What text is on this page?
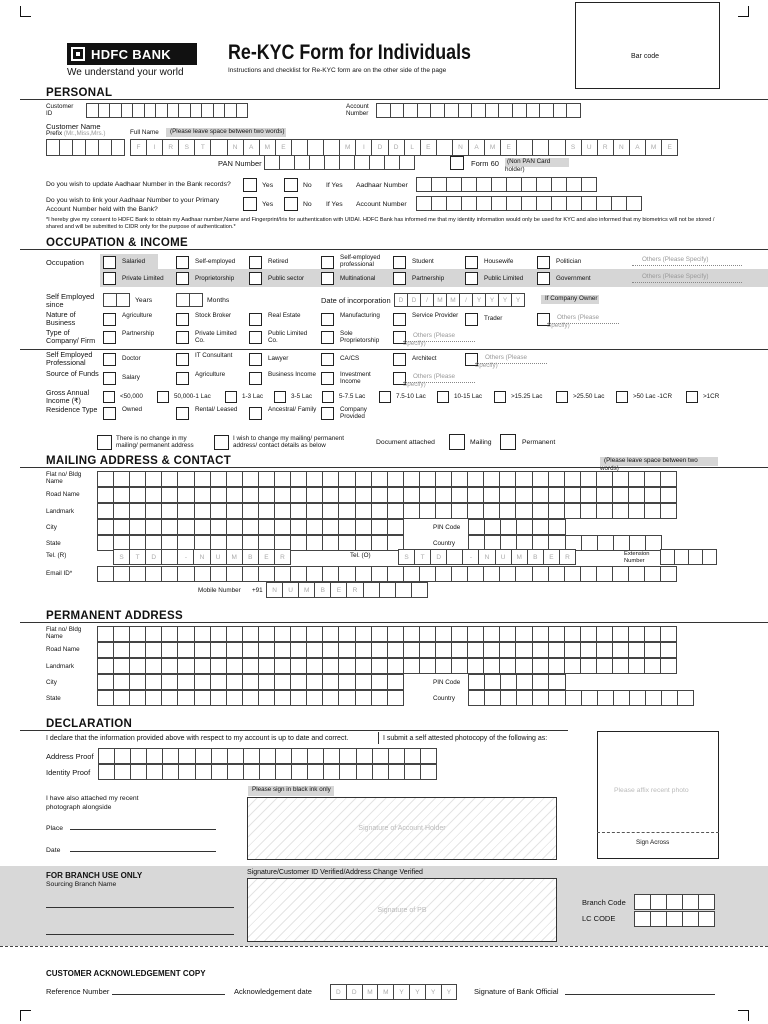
HDFC BANK
We understand your world
Re-KYC Form for Individuals
Instructions and checklist for Re-KYC form are on the other side of the page
Bar code
PERSONAL
Customer ID
Account Number
Customer Name
Prefix (Mr.,Miss,Mrs.)	Full Name	(Please leave space between two words)
F	I	R	S	T	N	A	M	E	M	I	D	D	L	E	N	A	M	E	S	U	R	N	A	M	E
PAN Number	Form 60	(Non PAN Card holder)
Do you wish to update Aadhaar Number in the Bank records?	Yes	No If Yes Aadhaar Number
Do you wish to link your Aadhaar Number to your Primary Account Number held with the Bank?
Yes	No If Yes Account Number
*I hereby give my consent to HDFC Bank to obtain my Aadhaar number,Name and Fingerprint/Iris for authentication with UIDAI. HDFC Bank has informed me that my identity information would only be used for KYC and also informed that my biometrics will not be stored / shared and will be submitted to CIDR only for the purpose of authentication.*
OCCUPATION & INCOME
Occupation
Self Employed since	Years	Months	Date of incorporation	D	D	/	M	M	/	Y	Y	Y	Y	If Company Owner
There is no change in my mailing/ permanent address
I wish to change my mailing/ permanent address/ contact details as below	Document attached	Mailing	Permanent
MAILING ADDRESS & CONTACT	(Please leave space between two words)
PERMANENT ADDRESS
DECLARATION
I declare that the information provided above with respect to my account is up to date and correct.	I submit a self attested photocopy of the following as:
Address Proof
Identity Proof
I have also attached my recent photograph alongside
Please sign in black ink only
Signature of Account Holder
Place
Date
Please affix recent photo
Sign Across
FOR BRANCH USE ONLY
Sourcing Branch Name
Signature/Customer ID Verified/Address Change Verified
Signature of PB
Branch Code
LC CODE
CUSTOMER ACKNOWLEDGEMENT COPY
Reference Number	Acknowledgement date	D	D	M	M	Y	Y	Y	Y	Signature of Bank Official
Salaried	Self-employed	Retired
Self-employed professional	Student	Housewife	Politician
Private Limited	Proprietorship	Public sector	Multinational	Partnership	Public Limited	Government
Others (Please Specify)
Others (Please Specify)
Nature of Business
Agriculture	Stock Broker	Real Estate	Manufacturing	Service Provider	Trader	Others (Please Specify)
Type of Company/ Firm
Partnership	Private Limited Co.
Public Limited Co.
Sole Proprietorship
Others (Please Specify)
Self Employed Professional	Doctor	IT Consultant	Lawyer	CA/CS	Architect	Others (Please Specify)
Source of Funds	Salary	Agriculture	Business Income	Investment Income
Others (Please Specify)
Gross Annual Income (₹)	<50,000	50,000-1 Lac	1-3 Lac	3-5 Lac	5-7.5 Lac	7.5-10 Lac	10-15 Lac	>15.25 Lac	>25.50 Lac	>50 Lac -1CR	>1CR
Residence Type	Owned	Rental/ Leased	Ancestral/ Family	Company Provided
Flat no/ Bldg Name
Road Name
Landmark
City	PIN Code
State	Country
Tel. (R)	S	T	D	-	N	U	M	B	E	R	Tel. (O)	S	T	D	-	N	U	M	B	E	R	Extension Number
Email ID*
Mobile Number +91	N	U	M	B	E	R
Flat no/ Bldg Name
Road Name
Landmark
City	PIN Code
State	Country
